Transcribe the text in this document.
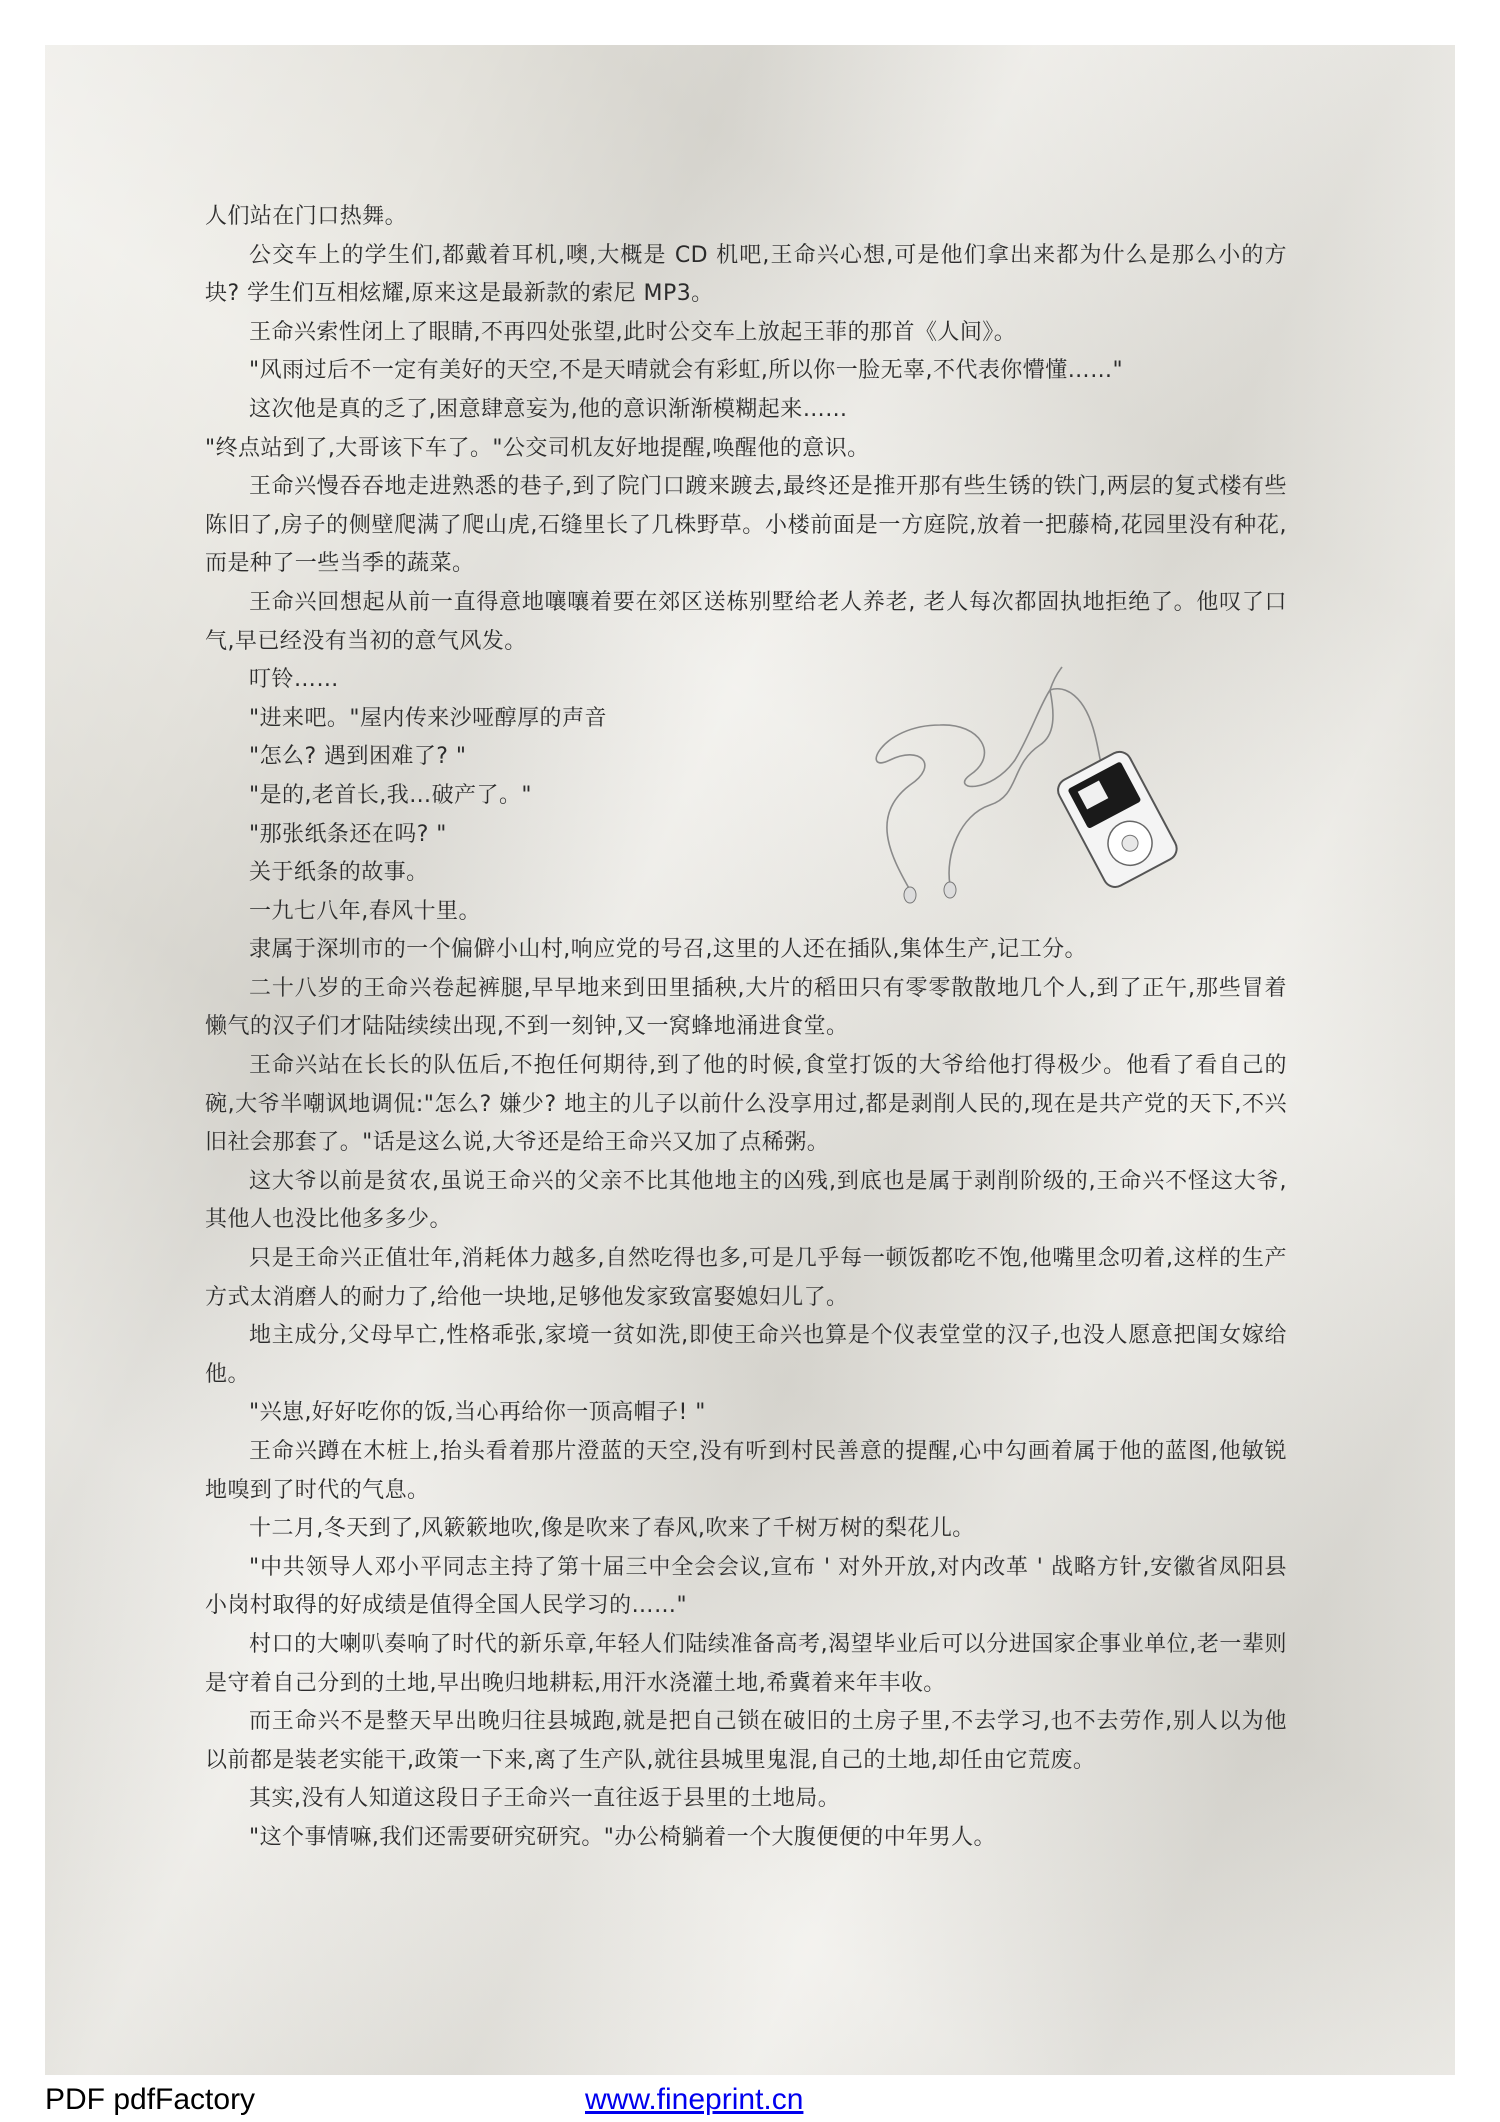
人们站在门口热舞。

公交车上的学生们,都戴着耳机,噢,大概是 CD 机吧,王命兴心想,可是他们拿出来都为什么是那么小的方块? 学生们互相炫耀,原来这是最新款的索尼 MP3。

王命兴索性闭上了眼睛,不再四处张望,此时公交车上放起王菲的那首《人间》。

"风雨过后不一定有美好的天空,不是天晴就会有彩虹,所以你一脸无辜,不代表你懵懂……"

这次他是真的乏了,困意肆意妄为,他的意识渐渐模糊起来……

"终点站到了,大哥该下车了。"公交司机友好地提醒,唤醒他的意识。

王命兴慢吞吞地走进熟悉的巷子,到了院门口踱来踱去,最终还是推开那有些生锈的铁门,两层的复式楼有些陈旧了,房子的侧壁爬满了爬山虎,石缝里长了几株野草。小楼前面是一方庭院,放着一把藤椅,花园里没有种花,而是种了一些当季的蔬菜。

王命兴回想起从前一直得意地嚷嚷着要在郊区送栋别墅给老人养老, 老人每次都固执地拒绝了。他叹了口气,早已经没有当初的意气风发。

叮铃……

"进来吧。"屋内传来沙哑醇厚的声音

"怎么? 遇到困难了? "

"是的,老首长,我…破产了。"

"那张纸条还在吗? "

关于纸条的故事。

一九七八年,春风十里。

隶属于深圳市的一个偏僻小山村,响应党的号召,这里的人还在插队,集体生产,记工分。

二十八岁的王命兴卷起裤腿,早早地来到田里插秧,大片的稻田只有零零散散地几个人,到了正午,那些冒着懒气的汉子们才陆陆续续出现,不到一刻钟,又一窝蜂地涌进食堂。

王命兴站在长长的队伍后,不抱任何期待,到了他的时候,食堂打饭的大爷给他打得极少。他看了看自己的碗,大爷半嘲讽地调侃:"怎么? 嫌少? 地主的儿子以前什么没享用过,都是剥削人民的,现在是共产党的天下,不兴旧社会那套了。"话是这么说,大爷还是给王命兴又加了点稀粥。

这大爷以前是贫农,虽说王命兴的父亲不比其他地主的凶残,到底也是属于剥削阶级的,王命兴不怪这大爷,其他人也没比他多多少。

只是王命兴正值壮年,消耗体力越多,自然吃得也多,可是几乎每一顿饭都吃不饱,他嘴里念叨着,这样的生产方式太消磨人的耐力了,给他一块地,足够他发家致富娶媳妇儿了。

地主成分,父母早亡,性格乖张,家境一贫如洗,即使王命兴也算是个仪表堂堂的汉子,也没人愿意把闺女嫁给他。

"兴崽,好好吃你的饭,当心再给你一顶高帽子! "

王命兴蹲在木桩上,抬头看着那片澄蓝的天空,没有听到村民善意的提醒,心中勾画着属于他的蓝图,他敏锐地嗅到了时代的气息。

十二月,冬天到了,风簌簌地吹,像是吹来了春风,吹来了千树万树的梨花儿。

"中共领导人邓小平同志主持了第十届三中全会会议,宣布 ' 对外开放,对内改革 ' 战略方针,安徽省凤阳县小岗村取得的好成绩是值得全国人民学习的……"

村口的大喇叭奏响了时代的新乐章,年轻人们陆续准备高考,渴望毕业后可以分进国家企事业单位,老一辈则是守着自己分到的土地,早出晚归地耕耘,用汗水浇灌土地,希冀着来年丰收。

而王命兴不是整天早出晚归往县城跑,就是把自己锁在破旧的土房子里,不去学习,也不去劳作,别人以为他以前都是装老实能干,政策一下来,离了生产队,就往县城里鬼混,自己的土地,却任由它荒废。

其实,没有人知道这段日子王命兴一直往返于县里的土地局。

"这个事情嘛,我们还需要研究研究。"办公椅躺着一个大腹便便的中年男人。

PDF pdfFactory	www.fineprint.cn
